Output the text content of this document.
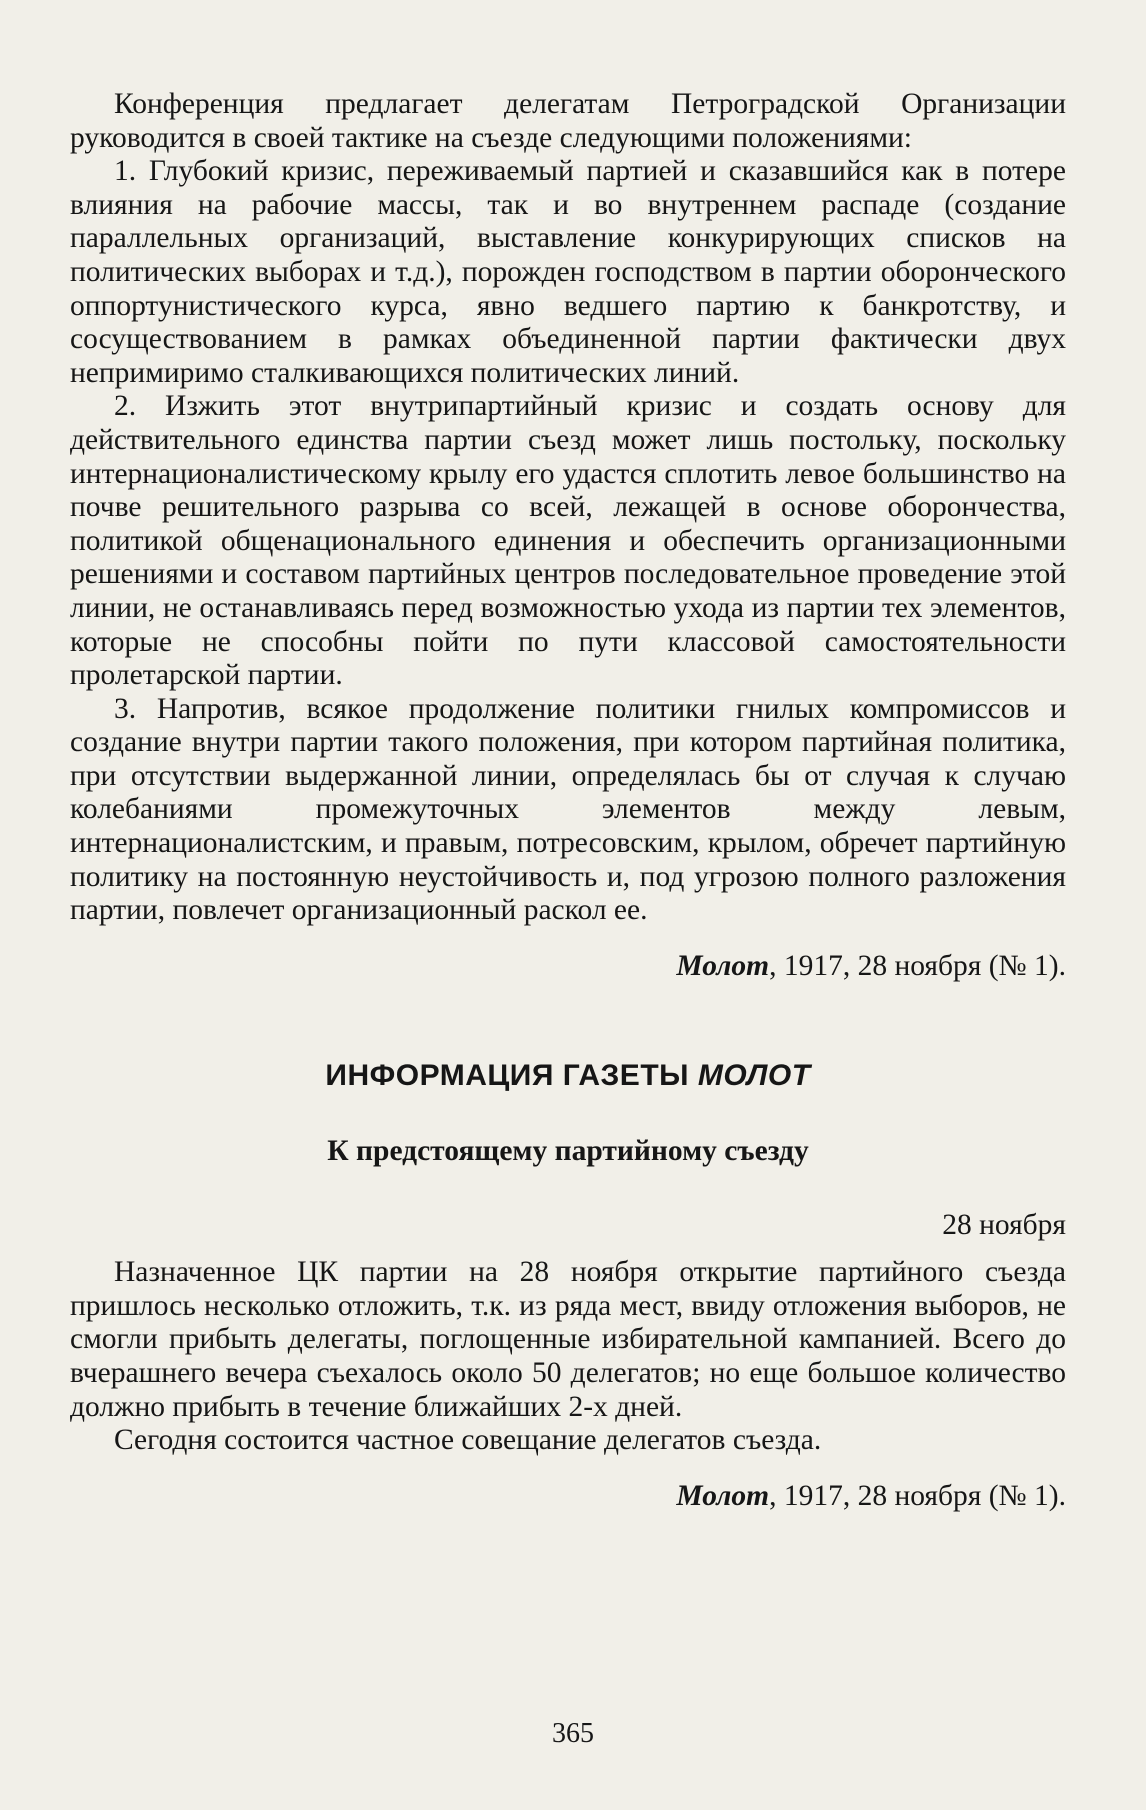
Конференция предлагает делегатам Петроградской Организации руководится в своей тактике на съезде следующими положениями:

1. Глубокий кризис, переживаемый партией и сказавшийся как в потере влияния на рабочие массы, так и во внутреннем распаде (создание параллельных организаций, выставление конкурирующих списков на политических выборах и т.д.), порожден господством в партии оборонческого оппортунистического курса, явно ведшего партию к банкротству, и сосуществованием в рамках объединенной партии фактически двух непримиримо сталкивающихся политических линий.

2. Изжить этот внутрипартийный кризис и создать основу для действительного единства партии съезд может лишь постольку, поскольку интернационалистическому крылу его удастся сплотить левое большинство на почве решительного разрыва со всей, лежащей в основе оборончества, политикой общенационального единения и обеспечить организационными решениями и составом партийных центров последовательное проведение этой линии, не останавливаясь перед возможностью ухода из партии тех элементов, которые не способны пойти по пути классовой самостоятельности пролетарской партии.

3. Напротив, всякое продолжение политики гнилых компромиссов и создание внутри партии такого положения, при котором партийная политика, при отсутствии выдержанной линии, определялась бы от случая к случаю колебаниями промежуточных элементов между левым, интернационалистским, и правым, потресовским, крылом, обречет партийную политику на постоянную неустойчивость и, под угрозою полного разложения партии, повлечет организационный раскол ее.

Молот, 1917, 28 ноября (№ 1).
ИНФОРМАЦИЯ ГАЗЕТЫ МОЛОТ
К предстоящему партийному съезду
28 ноября

Назначенное ЦК партии на 28 ноября открытие партийного съезда пришлось несколько отложить, т.к. из ряда мест, ввиду отложения выборов, не смогли прибыть делегаты, поглощенные избирательной кампанией. Всего до вчерашнего вечера съехалось около 50 делегатов; но еще большое количество должно прибыть в течение ближайших 2-х дней.

Сегодня состоится частное совещание делегатов съезда.

Молот, 1917, 28 ноября (№ 1).
365
